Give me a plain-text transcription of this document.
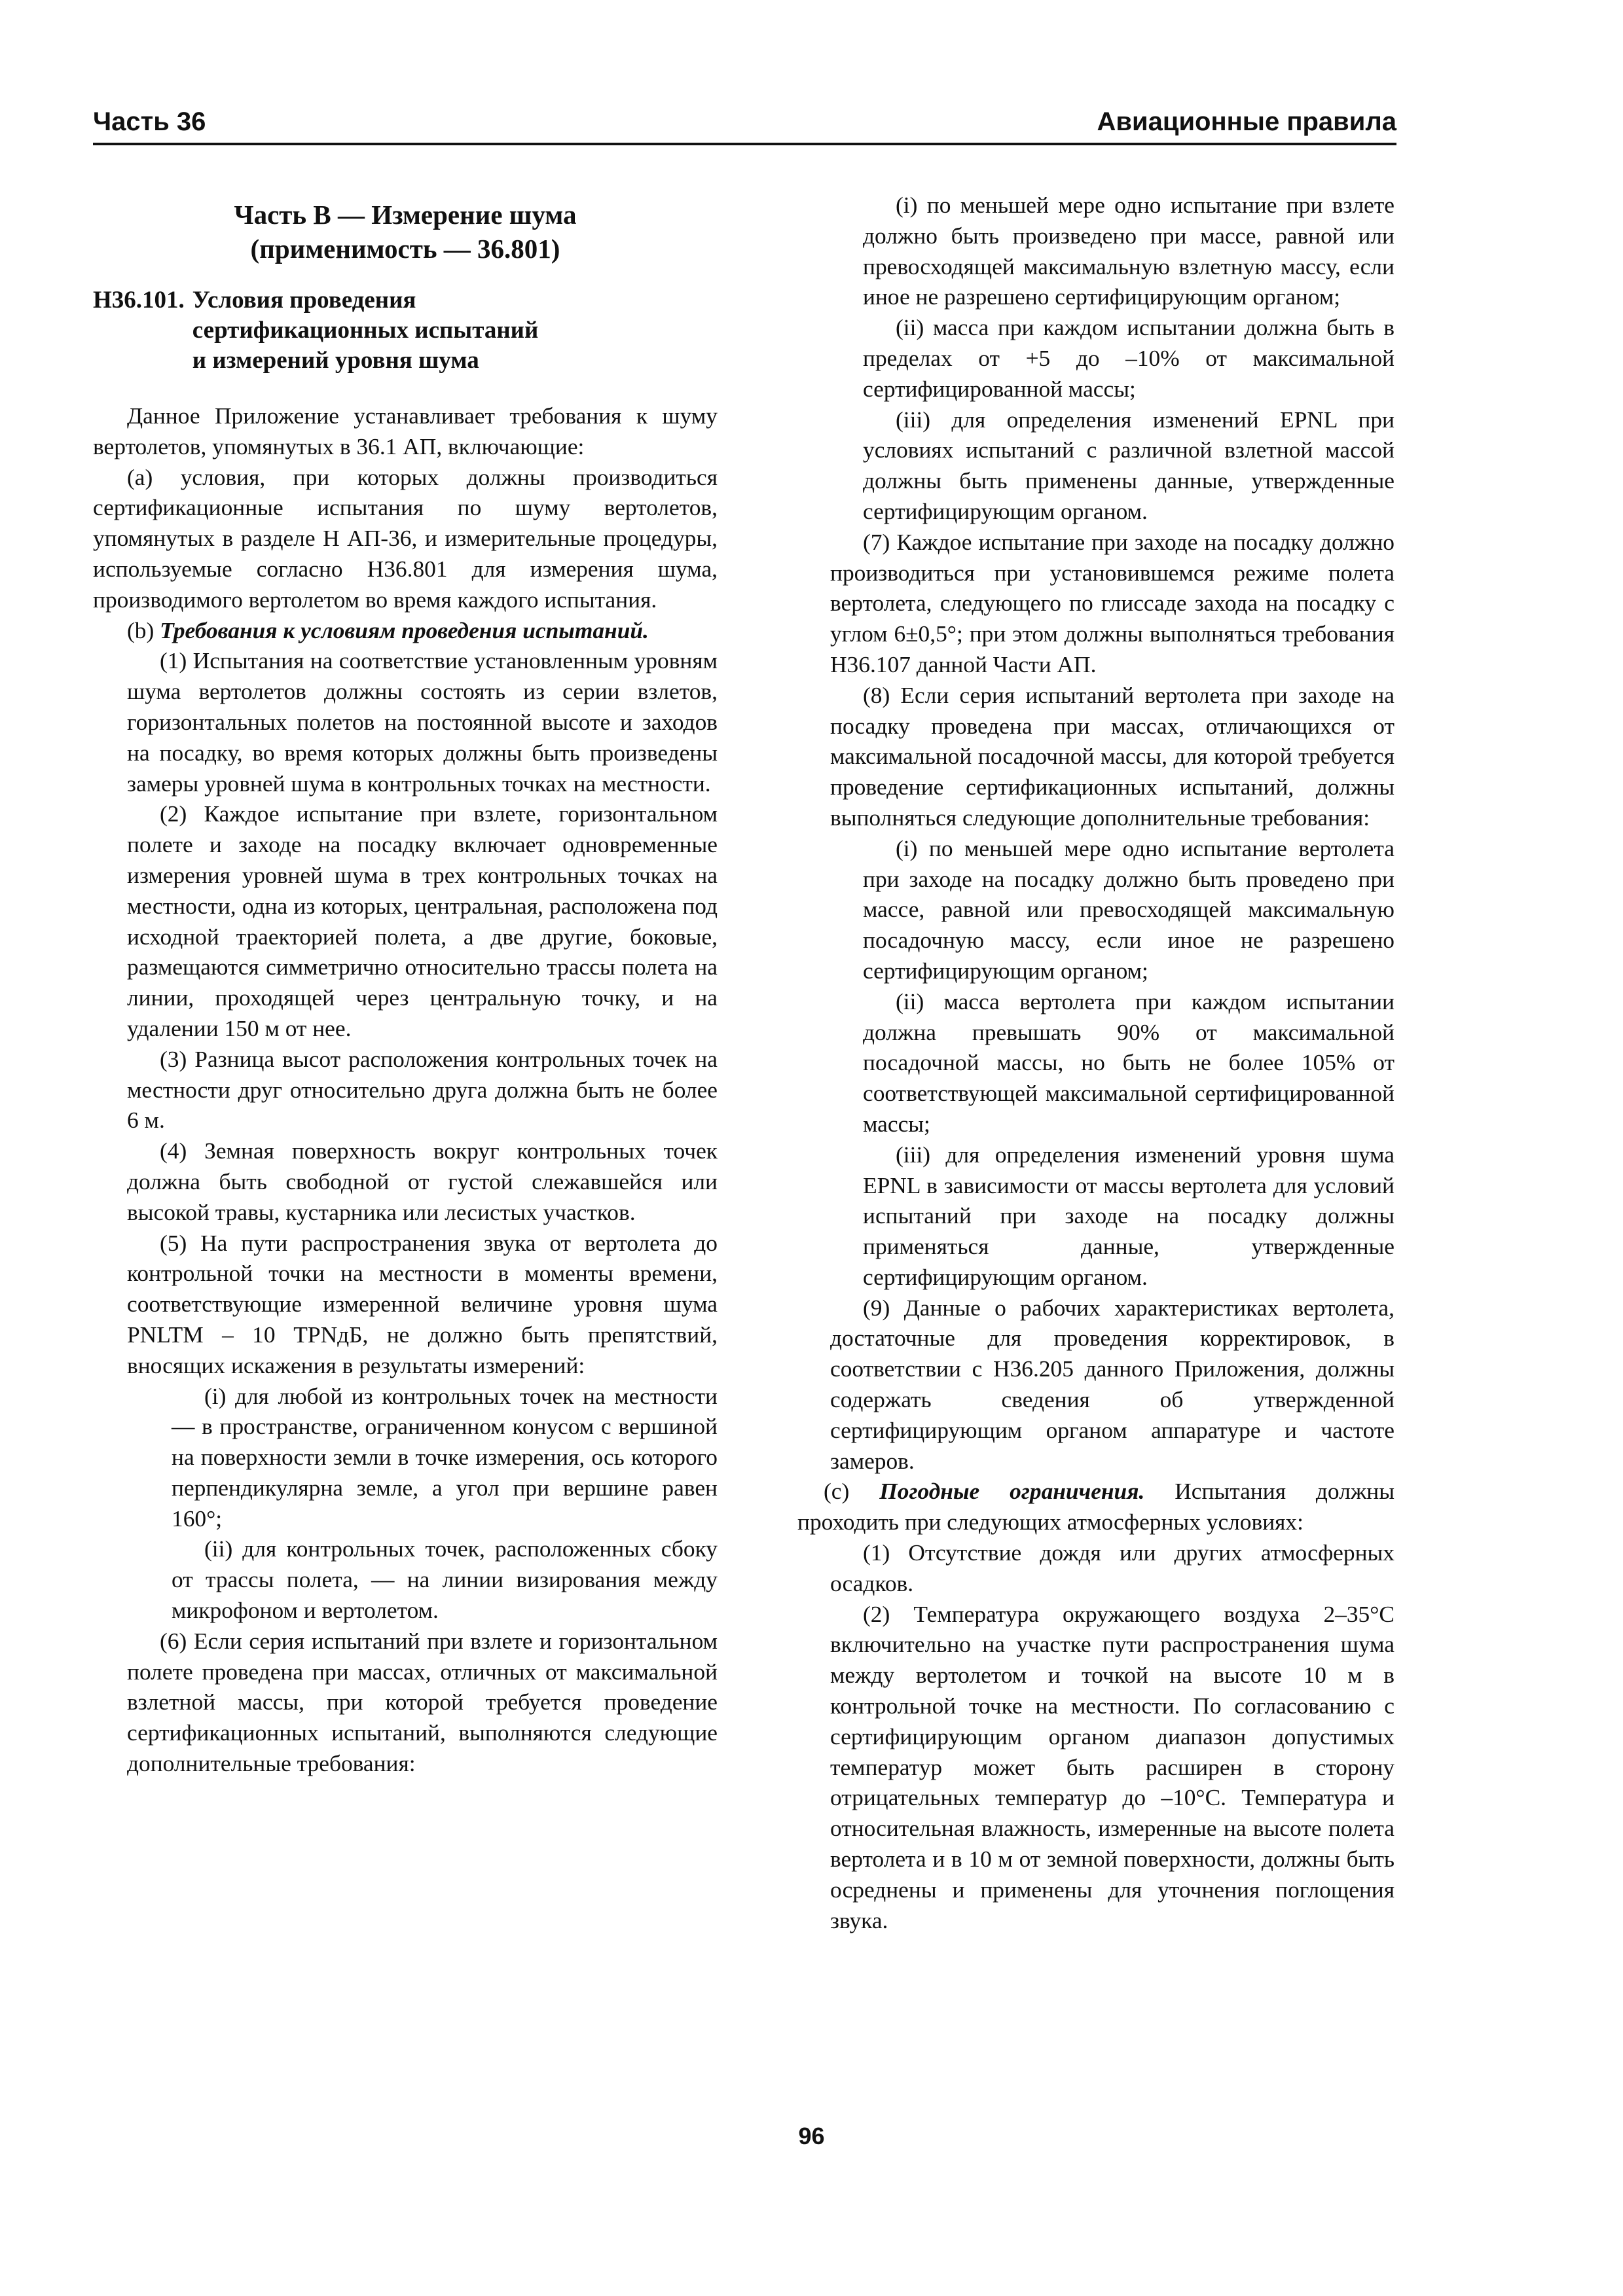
Часть 36	Авиационные правила

Часть B — Измерение шума
(применимость — 36.801)

Н36.101. Условия проведения
сертификационных испытаний
и измерений уровня шума

Данное Приложение устанавливает требования к шуму вертолетов, упомянутых в 36.1 АП, включающие:

(a) условия, при которых должны производиться сертификационные испытания по шуму вертолетов, упомянутых в разделе Н АП-36, и измерительные процедуры, используемые согласно Н36.801 для измерения шума, производимого вертолетом во время каждого испытания.

(b) Требования к условиям проведения испытаний.

(1) Испытания на соответствие установленным уровням шума вертолетов должны состоять из серии взлетов, горизонтальных полетов на постоянной высоте и заходов на посадку, во время которых должны быть произведены замеры уровней шума в контрольных точках на местности.

(2) Каждое испытание при взлете, горизонтальном полете и заходе на посадку включает одновременные измерения уровней шума в трех контрольных точках на местности, одна из которых, центральная, расположена под исходной траекторией полета, а две другие, боковые, размещаются симметрично относительно трассы полета на линии, проходящей через центральную точку, и на удалении 150 м от нее.

(3) Разница высот расположения контрольных точек на местности друг относительно друга должна быть не более 6 м.

(4) Земная поверхность вокруг контрольных точек должна быть свободной от густой слежавшейся или высокой травы, кустарника или лесистых участков.

(5) На пути распространения звука от вертолета до контрольной точки на местности в моменты времени, соответствующие измеренной величине уровня шума PNLTM – 10 TPNдБ, не должно быть препятствий, вносящих искажения в результаты измерений:

(i) для любой из контрольных точек на местности — в пространстве, ограниченном конусом с вершиной на поверхности земли в точке измерения, ось которого перпендикулярна земле, а угол при вершине равен 160°;

(ii) для контрольных точек, расположенных сбоку от трассы полета, — на линии визирования между микрофоном и вертолетом.

(6) Если серия испытаний при взлете и горизонтальном полете проведена при массах, отличных от максимальной взлетной массы, при которой требуется проведение сертификационных испытаний, выполняются следующие дополнительные требования:

(i) по меньшей мере одно испытание при взлете должно быть произведено при массе, равной или превосходящей максимальную взлетную массу, если иное не разрешено сертифицирующим органом;

(ii) масса при каждом испытании должна быть в пределах от +5 до –10% от максимальной сертифицированной массы;

(iii) для определения изменений EPNL при условиях испытаний с различной взлетной массой должны быть применены данные, утвержденные сертифицирующим органом.

(7) Каждое испытание при заходе на посадку должно производиться при установившемся режиме полета вертолета, следующего по глиссаде захода на посадку с углом 6±0,5°; при этом должны выполняться требования Н36.107 данной Части АП.

(8) Если серия испытаний вертолета при заходе на посадку проведена при массах, отличающихся от максимальной посадочной массы, для которой требуется проведение сертификационных испытаний, должны выполняться следующие дополнительные требования:

(i) по меньшей мере одно испытание вертолета при заходе на посадку должно быть проведено при массе, равной или превосходящей максимальную посадочную массу, если иное не разрешено сертифицирующим органом;

(ii) масса вертолета при каждом испытании должна превышать 90% от максимальной посадочной массы, но быть не более 105% от соответствующей максимальной сертифицированной массы;

(iii) для определения изменений уровня шума EPNL в зависимости от массы вертолета для условий испытаний при заходе на посадку должны применяться данные, утвержденные сертифицирующим органом.

(9) Данные о рабочих характеристиках вертолета, достаточные для проведения корректировок, в соответствии с Н36.205 данного Приложения, должны содержать сведения об утвержденной сертифицирующим органом аппаратуре и частоте замеров.

(c) Погодные ограничения. Испытания должны проходить при следующих атмосферных условиях:

(1) Отсутствие дождя или других атмосферных осадков.

(2) Температура окружающего воздуха 2–35°С включительно на участке пути распространения шума между вертолетом и точкой на высоте 10 м в контрольной точке на местности. По согласованию с сертифицирующим органом диапазон допустимых температур может быть расширен в сторону отрицательных температур до –10°С. Температура и относительная влажность, измеренные на высоте полета вертолета и в 10 м от земной поверхности, должны быть осреднены и применены для уточнения поглощения звука.

96
